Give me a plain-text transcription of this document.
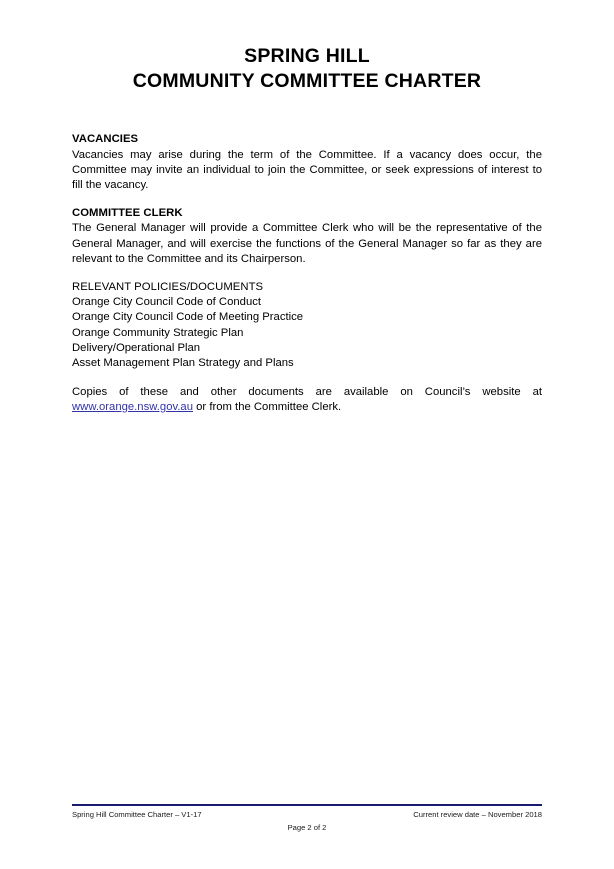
SPRING HILL
COMMUNITY COMMITTEE CHARTER

VACANCIES

Vacancies may arise during the term of the Committee. If a vacancy does occur, the Committee may invite an individual to join the Committee, or seek expressions of interest to fill the vacancy.

COMMITTEE CLERK

The General Manager will provide a Committee Clerk who will be the representative of the General Manager, and will exercise the functions of the General Manager so far as they are relevant to the Committee and its Chairperson.

RELEVANT POLICIES/DOCUMENTS

Orange City Council Code of Conduct
Orange City Council Code of Meeting Practice
Orange Community Strategic Plan
Delivery/Operational Plan
Asset Management Plan Strategy and Plans

Copies of these and other documents are available on Council’s website at www.orange.nsw.gov.au or from the Committee Clerk.

Spring Hill Committee Charter – V1-17	Current review date – November 2018
Page 2 of 2
